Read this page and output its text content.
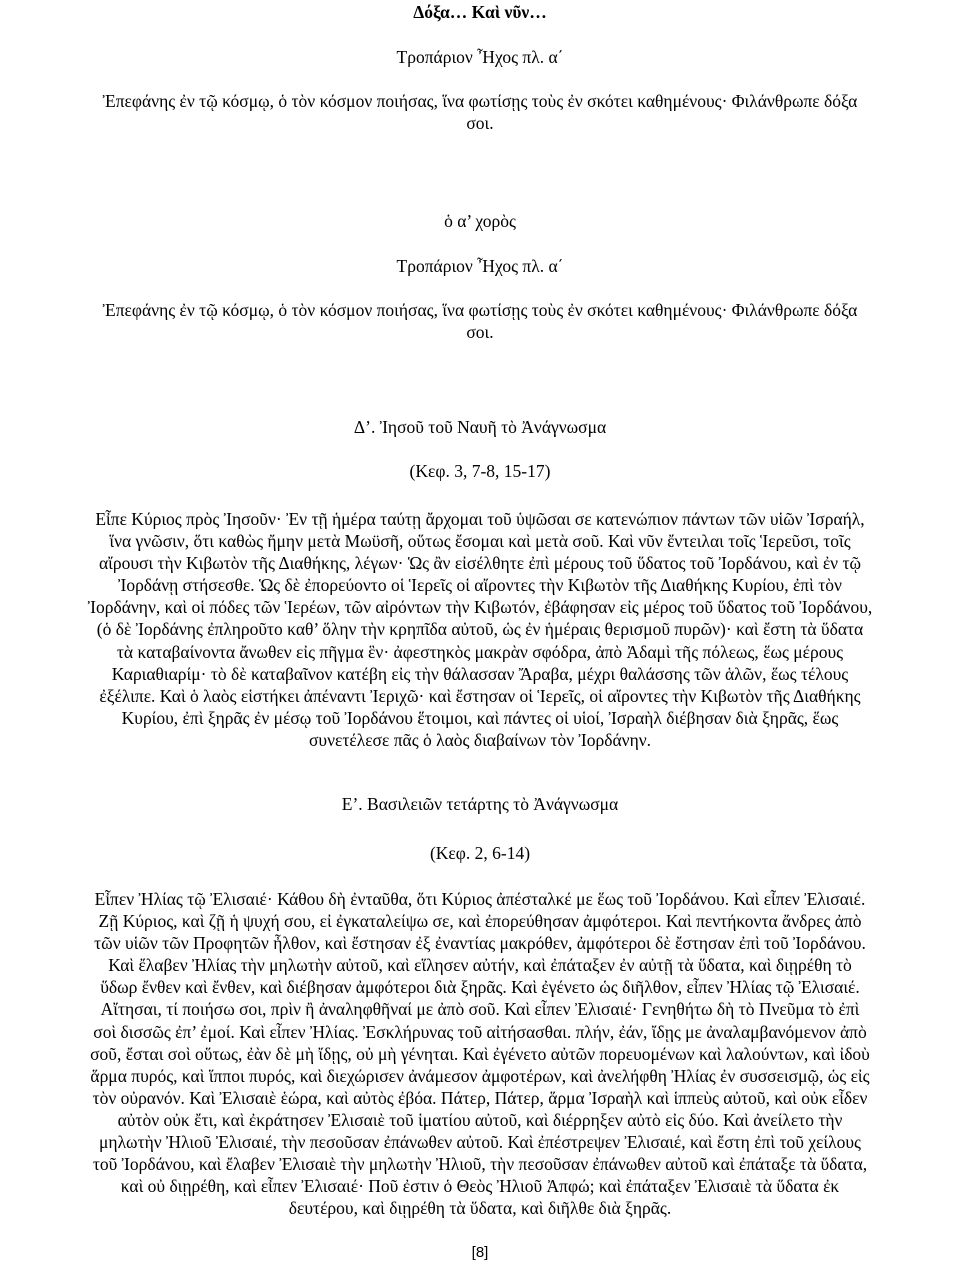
Δόξα… Καὶ νῦν…
Τροπάριον Ἦχος πλ. α΄
Ἐπεφάνης ἐν τῷ κόσμῳ, ὁ τὸν κόσμον ποιήσας, ἵνα φωτίσῃς τοὺς ἐν σκότει καθημένους· Φιλάνθρωπε δόξα
σοι.
ὁ α’ χορὸς
Τροπάριον Ἦχος πλ. α΄
Ἐπεφάνης ἐν τῷ κόσμῳ, ὁ τὸν κόσμον ποιήσας, ἵνα φωτίσῃς τοὺς ἐν σκότει καθημένους· Φιλάνθρωπε δόξα
σοι.
Δ’. Ἰησοῦ τοῦ Ναυῆ τὸ Ἀνάγνωσμα
(Κεφ. 3, 7-8, 15-17)
Εἶπε Κύριος πρὸς Ἰησοῦν· Ἐν τῇ ἡμέρα ταύτῃ ἄρχομαι τοῦ ὑψῶσαι σε κατενώπιον πάντων τῶν υἱῶν Ἰσραήλ,
ἵνα γνῶσιν, ὅτι καθὼς ἤμην μετὰ Μωϋσῆ, οὕτως ἔσομαι καὶ μετὰ σοῦ. Καὶ νῦν ἔντειλαι τοῖς Ἱερεῦσι, τοῖς
αἴρουσι τὴν Κιβωτὸν τῆς Διαθήκης, λέγων· Ὡς ἂν εἰσέλθητε ἐπὶ μέρους τοῦ ὕδατος τοῦ Ἰορδάνου, καὶ ἐν τῷ
Ἰορδάνῃ στήσεσθε. Ὡς δὲ ἐπορεύοντο οἱ Ἱερεῖς οἱ αἴροντες τὴν Κιβωτὸν τῆς Διαθήκης Κυρίου, ἐπὶ τὸν
Ἰορδάνην, καὶ οἱ πόδες τῶν Ἱερέων, τῶν αἰρόντων τὴν Κιβωτόν, ἐβάφησαν εἰς μέρος τοῦ ὕδατος τοῦ Ἰορδάνου,
(ὁ δὲ Ἰορδάνης ἐπληροῦτο καθ’ ὅλην τὴν κρηπῖδα αὐτοῦ, ὡς ἐν ἡμέραις θερισμοῦ πυρῶν)· καὶ ἔστη τὰ ὕδατα
τὰ καταβαίνοντα ἄνωθεν εἰς πῆγμα ἓν· ἀφεστηκὸς μακρὰν σφόδρα, ἀπὸ Ἀδαμὶ τῆς πόλεως, ἕως μέρους
Καριαθιαρίμ· τὸ δὲ καταβαῖνον κατέβη εἰς τὴν θάλασσαν Ἄραβα, μέχρι θαλάσσης τῶν ἁλῶν, ἕως τέλους
ἐξέλιπε. Καὶ ὁ λαὸς εἱστήκει ἀπέναντι Ἰεριχῶ· καὶ ἔστησαν οἱ Ἱερεῖς, οἱ αἴροντες τὴν Κιβωτὸν τῆς Διαθήκης
Κυρίου, ἐπὶ ξηρᾶς ἐν μέσῳ τοῦ Ἰορδάνου ἕτοιμοι, καὶ πάντες οἱ υἱοί, Ἰσραὴλ διέβησαν διὰ ξηρᾶς, ἕως
συνετέλεσε πᾶς ὁ λαὸς διαβαίνων τὸν Ἰορδάνην.
Ε’. Βασιλειῶν τετάρτης τὸ Ἀνάγνωσμα
(Κεφ. 2, 6-14)
Εἶπεν Ἠλίας τῷ Ἐλισαιέ· Κάθου δὴ ἐνταῦθα, ὅτι Κύριος ἀπέσταλκέ με ἕως τοῦ Ἰορδάνου. Καὶ εἶπεν Ἐλισαιέ.
Ζῇ Κύριος, καὶ ζῇ ἡ ψυχή σου, εἰ ἐγκαταλείψω σε, καὶ ἐπορεύθησαν ἀμφότεροι. Καὶ πεντήκοντα ἄνδρες ἀπὸ
τῶν υἱῶν τῶν Προφητῶν ἦλθον, καὶ ἔστησαν ἐξ ἐναντίας μακρόθεν, ἀμφότεροι δὲ ἔστησαν ἐπὶ τοῦ Ἰορδάνου.
Καὶ ἔλαβεν Ἠλίας τὴν μηλωτὴν αὐτοῦ, καὶ εἵλησεν αὐτήν, καὶ ἐπάταξεν ἐν αὐτῇ τὰ ὕδατα, καὶ διῃρέθη τὸ
ὕδωρ ἔνθεν καὶ ἔνθεν, καὶ διέβησαν ἀμφότεροι διὰ ξηρᾶς. Καὶ ἐγένετο ὡς διῆλθον, εἶπεν Ἠλίας τῷ Ἐλισαιέ.
Αἴτησαι, τί ποιήσω σοι, πρὶν ἢ ἀναληφθῆναί με ἀπὸ σοῦ. Καὶ εἶπεν Ἐλισαιέ· Γενηθήτω δὴ τὸ Πνεῦμα τὸ ἐπὶ
σοὶ δισσῶς ἐπ’ ἐμοί. Καὶ εἶπεν Ἠλίας. Ἐσκλήρυνας τοῦ αἰτήσασθαι. πλήν, ἐάν, ἴδῃς με ἀναλαμβανόμενον ἀπὸ
σοῦ, ἔσται σοὶ οὕτως, ἐὰν δὲ μὴ ἴδῃς, οὐ μὴ γένηται. Καὶ ἐγένετο αὐτῶν πορευομένων καὶ λαλούντων, καὶ ἰδοὺ
ἅρμα πυρός, καὶ ἵπποι πυρός, καὶ διεχώρισεν ἀνάμεσον ἀμφοτέρων, καὶ ἀνελήφθη Ἠλίας ἐν συσσεισμῷ, ὡς εἰς
τὸν οὐρανόν. Καὶ Ἐλισαιὲ ἑώρα, καὶ αὐτὸς ἐβόα. Πάτερ, Πάτερ, ἅρμα Ἰσραὴλ καὶ ἱππεὺς αὐτοῦ, καὶ οὐκ εἶδεν
αὐτὸν οὐκ ἔτι, καὶ ἐκράτησεν Ἐλισαιὲ τοῦ ἱματίου αὐτοῦ, καὶ διέρρηξεν αὐτὸ εἰς δύο. Καὶ ἀνείλετο τὴν
μηλωτὴν Ἠλιοῦ Ἐλισαιέ, τὴν πεσοῦσαν ἐπάνωθεν αὐτοῦ. Καὶ ἐπέστρεψεν Ἐλισαιέ, καὶ ἔστη ἐπὶ τοῦ χείλους
τοῦ Ἰορδάνου, καὶ ἔλαβεν Ἐλισαιὲ τὴν μηλωτὴν Ἠλιοῦ, τὴν πεσοῦσαν ἐπάνωθεν αὐτοῦ καὶ ἐπάταξε τὰ ὕδατα,
καὶ οὐ διῃρέθη, καὶ εἶπεν Ἐλισαιέ· Ποῦ ἐστιν ὁ Θεὸς Ἠλιοῦ Ἀπφώ; καὶ ἐπάταξεν Ἐλισαιὲ τὰ ὕδατα ἐκ
δευτέρου, καὶ διῃρέθη τὰ ὕδατα, καὶ διῆλθε διὰ ξηρᾶς.
[8]
